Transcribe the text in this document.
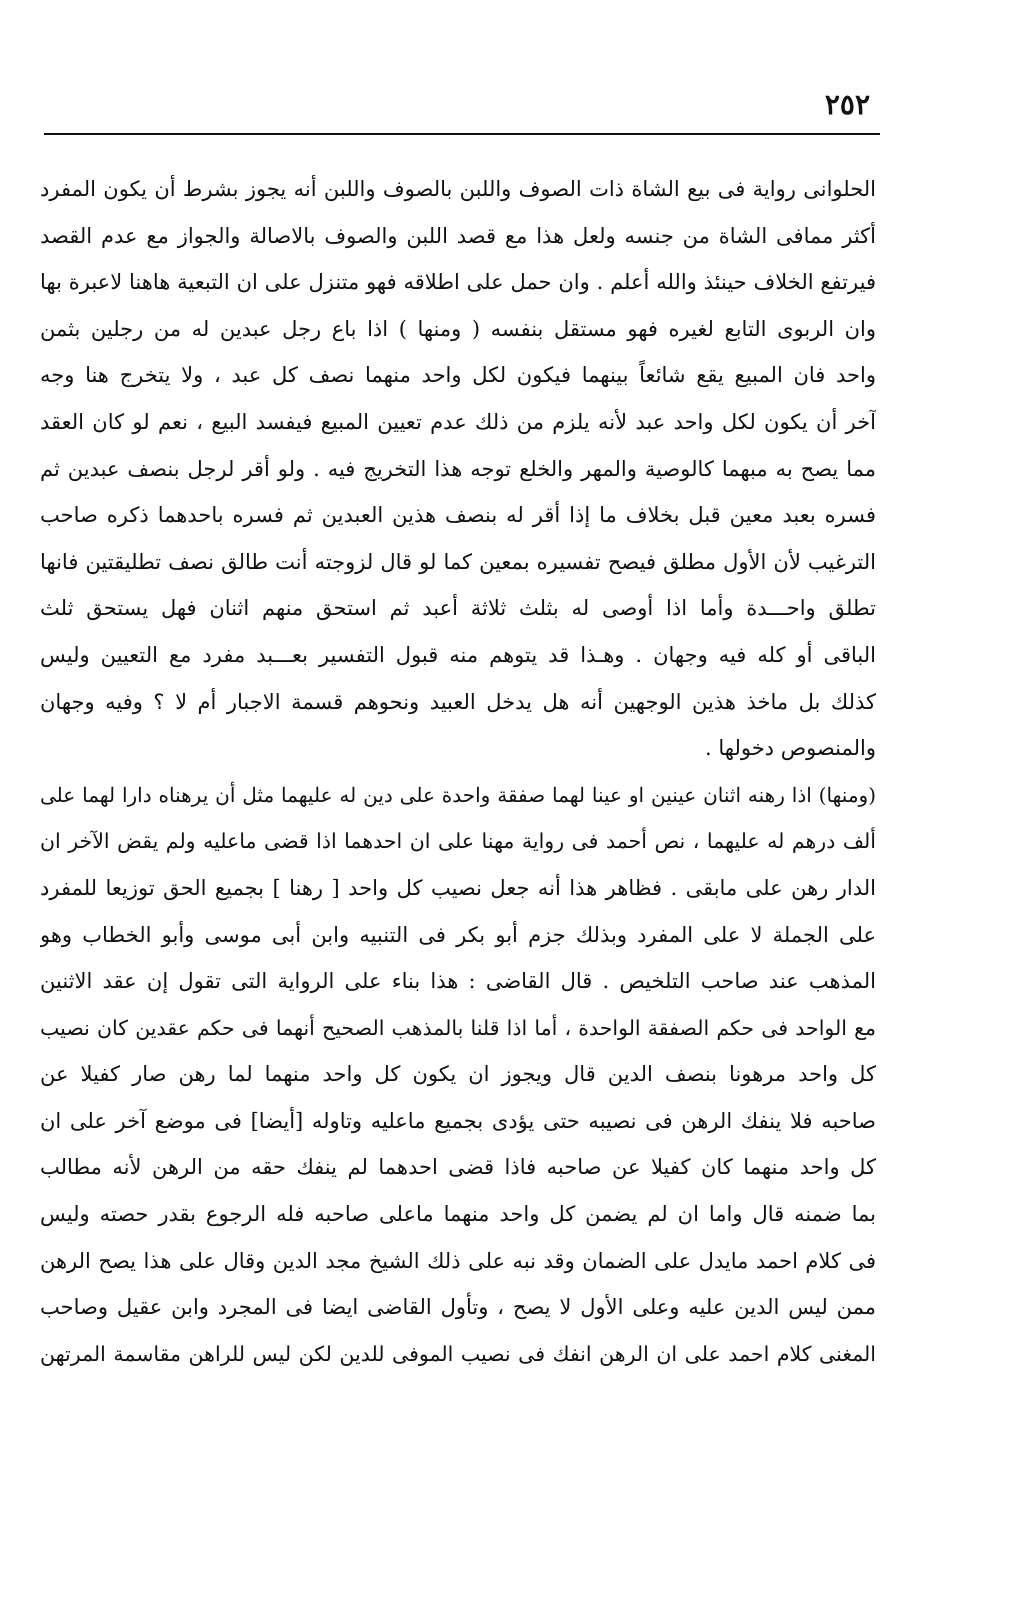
٢٥٢
الحلوانى رواية فى بيع الشاة ذات الصوف واللبن بالصوف واللبن أنه يجوز بشرط أن يكون المفرد
أكثر ممافى الشاة من جنسه ولعل هذا مع قصد اللبن والصوف بالاصالة والجواز مع عدم القصد
فيرتفع الخلاف حينئذ والله أعلم . وان حمل على اطلاقه فهو متنزل على ان التبعية هاهنا لاعبرة بها
وان الربوى التابع لغيره فهو مستقل بنفسه ( ومنها ) اذا باع رجل عبدين له من رجلين بثمن
واحد فان المبيع يقع شائعاً بينهما فيكون لكل واحد منهما نصف كل عبد ، ولا يتخرج هنا وجه
آخر أن يكون لكل واحد عبد لأنه يلزم من ذلك عدم تعيين المبيع فيفسد البيع ، نعم لو كان العقد
مما يصح به مبهما كالوصية والمهر والخلع توجه هذا التخريج فيه . ولو أقر لرجل بنصف عبدين ثم
فسره بعبد معين قبل بخلاف ما إذا أقر له بنصف هذين العبدين ثم فسره باحدهما ذكره صاحب
الترغيب لأن الأول مطلق فيصح تفسيره بمعين كما لو قال لزوجته أنت طالق نصف تطليقتين فانها
تطلق واحـــدة وأما اذا أوصى له بثلث ثلاثة أعبد ثم استحق منهم اثنان فهل يستحق ثلث
الباقى أو كله فيه وجهان . وهـذا قد يتوهم منه قبول التفسير بعـــبد مفرد مع التعيين وليس
كذلك بل ماخذ هذين الوجهين أنه هل يدخل العبيد ونحوهم قسمة الاجبار أم لا ؟ وفيه وجهان
والمنصوص دخولها .
(ومنها) اذا رهنه اثنان عينين او عينا لهما صفقة واحدة على دين له عليهما مثل أن يرهناه دارا لهما على
ألف درهم له عليهما ، نص أحمد فى رواية مهنا على ان احدهما اذا قضى ماعليه ولم يقض الآخر ان
الدار رهن على مابقى . فظاهر هذا أنه جعل نصيب كل واحد [ رهنا ] بجميع الحق توزيعا للمفرد
على الجملة لا على المفرد وبذلك جزم أبو بكر فى التنبيه وابن أبى موسى وأبو الخطاب وهو
المذهب عند صاحب التلخيص . قال القاضى : هذا بناء على الرواية التى تقول إن عقد الاثنين
مع الواحد فى حكم الصفقة الواحدة ، أما اذا قلنا بالمذهب الصحيح أنهما فى حكم عقدين كان نصيب
كل واحد مرهونا بنصف الدين قال ويجوز ان يكون كل واحد منهما لما رهن صار كفيلا عن
صاحبه فلا ينفك الرهن فى نصيبه حتى يؤدى بجميع ماعليه وتاوله [أيضا] فى موضع آخر على ان
كل واحد منهما كان كفيلا عن صاحبه فاذا قضى احدهما لم ينفك حقه من الرهن لأنه مطالب
بما ضمنه قال واما ان لم يضمن كل واحد منهما ماعلى صاحبه فله الرجوع بقدر حصته وليس
فى كلام احمد مايدل على الضمان وقد نبه على ذلك الشيخ مجد الدين وقال على هذا يصح الرهن
ممن ليس الدين عليه وعلى الأول لا يصح ، وتأول القاضى ايضا فى المجرد وابن عقيل وصاحب
المغنى كلام احمد على ان الرهن انفك فى نصيب الموفى للدين لكن ليس للراهن مقاسمة المرتهن
